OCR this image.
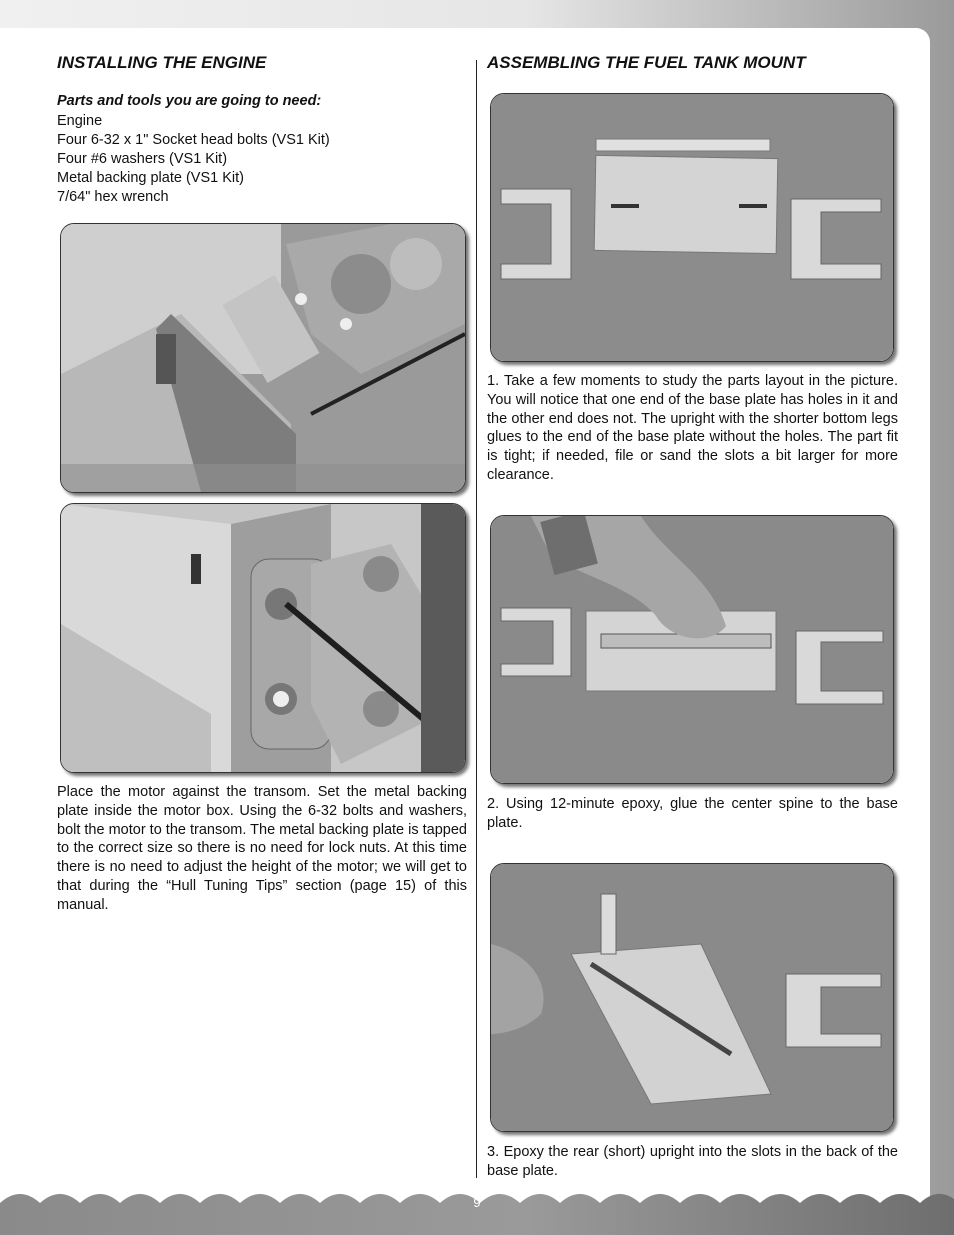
INSTALLING THE ENGINE
Parts and tools you are going to need:
Engine
Four 6-32 x 1" Socket head bolts (VS1 Kit)
Four #6 washers (VS1 Kit)
Metal backing plate (VS1 Kit)
7/64" hex wrench

Place the motor against the transom. Set the metal backing plate inside the motor box. Using the 6-32 bolts and washers, bolt the motor to the transom. The metal backing plate is tapped to the correct size so there is no need for lock nuts. At this time there is no need to adjust the height of the motor; we will get to that during the “Hull Tuning Tips” section (page 15) of this manual.

ASSEMBLING THE FUEL TANK MOUNT

1. Take a few moments to study the parts layout in the picture. You will notice that one end of the base plate has holes in it and the other end does not. The upright with the shorter bottom legs glues to the end of the base plate without the holes. The part fit is tight; if needed, file or sand the slots a bit larger for more clearance.

2. Using 12-minute epoxy, glue the center spine to the base plate.

3. Epoxy the rear (short) upright into the slots in the back of the base plate.

9
